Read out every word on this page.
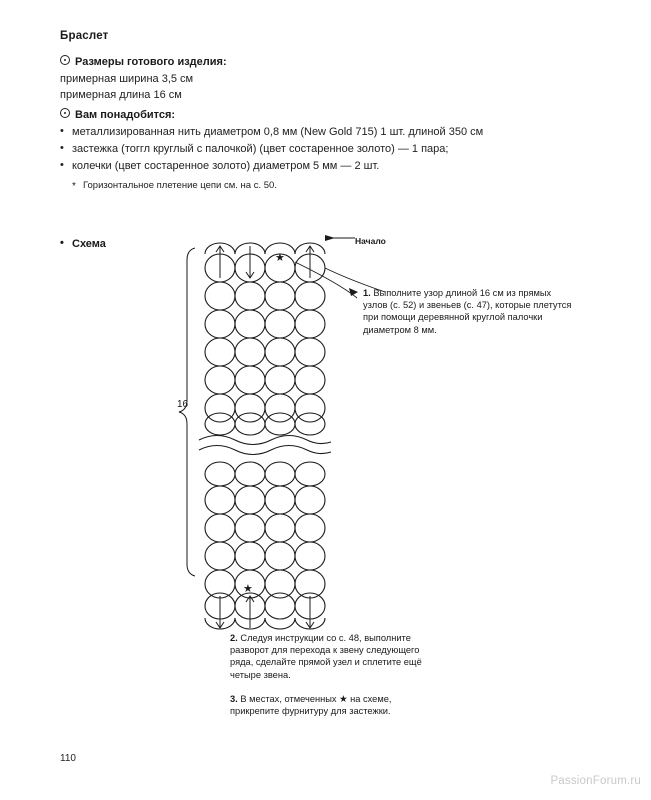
Браслет
Размеры готового изделия:
примерная ширина 3,5 см
примерная длина 16 см
Вам понадобится:
• металлизированная нить диаметром 0,8 мм (New Gold 715) 1 шт. длиной 350 см
• застежка (тоггл круглый с палочкой) (цвет состаренное золото) — 1 пара;
• колечки (цвет состаренное золото) диаметром 5 мм — 2 шт.
* Горизонтальное плетение цепи см. на с. 50.
• Схема	Начало
16
★
★
1. Выполните узор длиной 16 см из прямых узлов (с. 52) и звеньев (с. 47), которые плетутся при помощи деревянной круглой палочки диаметром 8 мм.
2. Следуя инструкции со с. 48, выполните разворот для перехода к звену следующего ряда, сделайте прямой узел и сплетите ещё четыре звена.
3. В местах, отмеченных ★ на схеме, прикрепите фурнитуру для застежки.
110
PassionForum.ru
